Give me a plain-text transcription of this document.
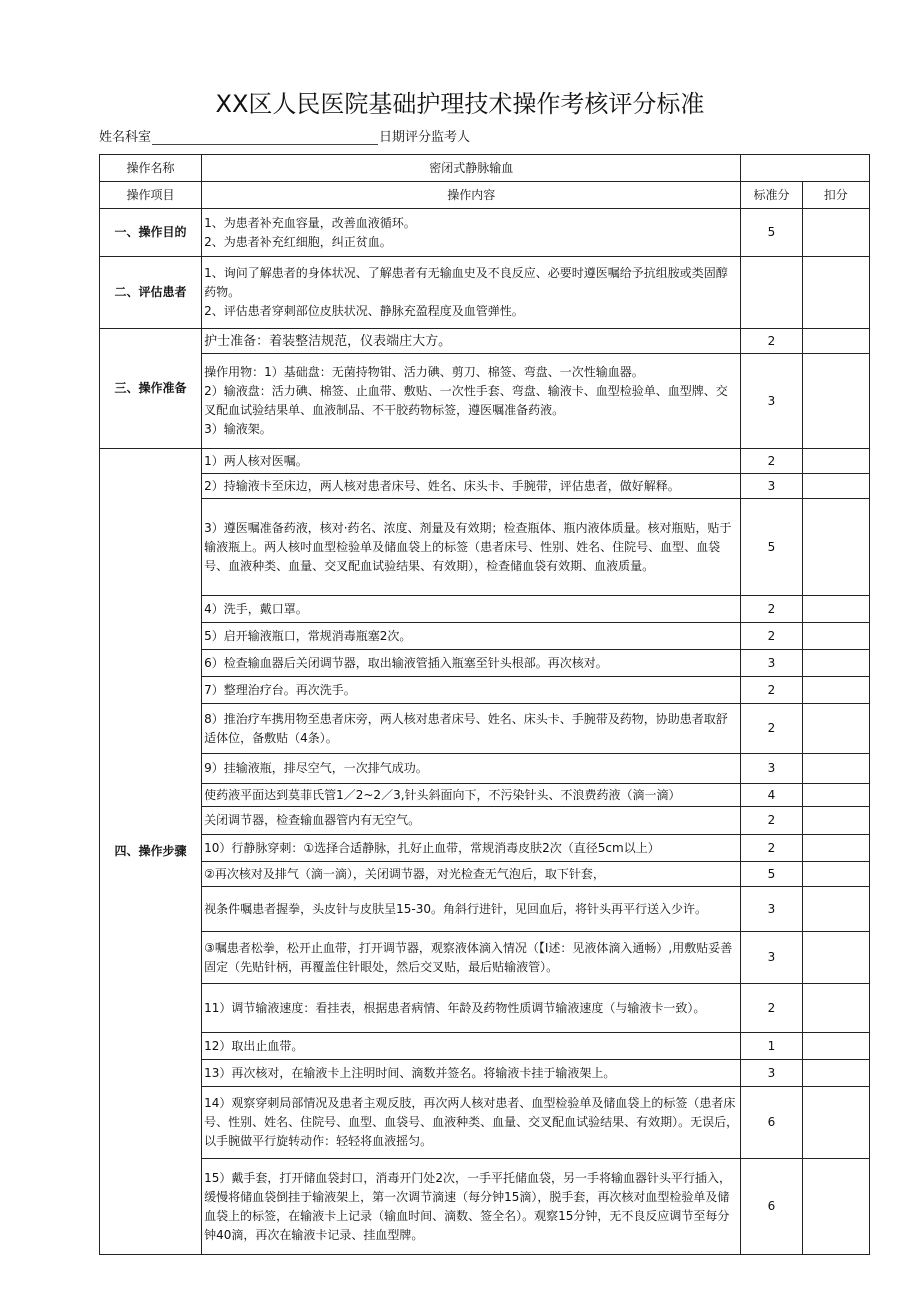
XX区人民医院基础护理技术操作考核评分标准
姓名科室	日期评分监考人
操作名称	密闭式静脉输血		
操作项目	操作内容	标准分	扣分
一、操作目的	1、为患者补充血容量，改善血液循环。
2、为患者补充红细胞，纠正贫血。	5	
二、评估患者	1、询问了解患者的身体状况、了解患者有无输血史及不良反应、必要时遵医嘱给予抗组胺或类固醇药物。
2、评估患者穿刺部位皮肤状况、静脉充盈程度及血管弹性。		

三、操作准备	护士准备：着装整洁规范，仪表端庄大方。	2	

	操作用物：1）基础盘：无菌持物钳、活力碘、剪刀、棉签、弯盘、一次性输血器。
2）输液盘：活力碘、棉签、止血带、敷贴、一次性手套、弯盘、输液卡、血型检验单、血型牌、交叉配血试验结果单、血液制品、不干胶药物标签，遵医嘱准备药液。
3）输液架。	3	
四、操作步骤	1）两人核对医嘱。	2	
	2）持输液卡至床边，两人核对患者床号、姓名、床头卡、手腕带，评估患者，做好解释。	3	
	3）遵医嘱准备药液，核对·药名、浓度、剂量及有效期；检查瓶体、瓶内液体质量。核对瓶贴，贴于输液瓶上。两人核吋血型检验单及储血袋上的标签（患者床号、性别、姓名、住院号、血型、血袋号、血液种类、血量、交叉配血试验结果、有效期），检查储血袋有效期、血液质量。	5	
	4）洗手，戴口罩。	2	
	5）启开输液瓶口，常规消毒瓶塞2次。	2	
	6）检查输血器后关闭调节器，取出输液管插入瓶塞至针头根部。再次核对。	3	
	7）整理治疗台。再次洗手。	2	
	8）推治疗车携用物至患者床旁，两人核对患者床号、姓名、床头卡、手腕带及药物，协助患者取舒适体位，备敷贴（4条）。	2	
	9）挂输液瓶，排尽空气，一次排气成功。	3	
	使药液平面达到莫菲氏管1／2~2／3,针头斜面向下，不污染针头、不浪费药液（滴一滴）	4	
	关闭调节器，检查输血器管内有无空气。	2	
	10）行静脉穿刺：①选择合适静脉，扎好止血带，常规消毒皮肤2次（直径5cm以上）	2	
	②再次核对及排气（滴一滴），关闭调节器，对光检查无气泡后，取下针套，	5	
	视条件嘱患者握拳，头皮针与皮肤呈15-30。角斜行进针，见回血后，将针头再平行送入少许。	3	
	③嘱患者松拳，松开止血带，打开调节器，观察液体滴入情况（【I述：见液体滴入通畅）,用敷贴妥善固定（先贴针柄，再覆盖住针眼处，然后交叉贴，最后贴输液管）。	3	
	11）调节输液速度：看挂表，根据患者病情、年龄及药物性质调节输液速度（与输液卡一致）。	2	
	12）取出止血带。	1	
	13）再次核对，在输液卡上注明时间、滴数并签名。将输液卡挂于输液架上。	3	
	14）观察穿刺局部情况及患者主观反肢，再次两人核对患者、血型检验单及储血袋上的标签（患者床号、性别、姓名、住院号、血型、血袋号、血液种类、血量、交叉配血试验结果、有效期）。无误后，以手腕做平行旋转动作：轻轻将血液摇匀。	6	
	15）戴手套，打开储血袋封口，消毒开门处2次，一手平托储血袋，另一手将输血器针头平行插入，缓慢将储血袋倒挂于输液架上，第一次调节滴速（每分钟15滴），脱手套，再次核对血型检验单及储血袋上的标签，在输液卡上记录（输血时间、滴数、签全名）。观察15分钟，无不良反应调节至每分钟40滴，再次在输液卡记录、挂血型牌。	6	
